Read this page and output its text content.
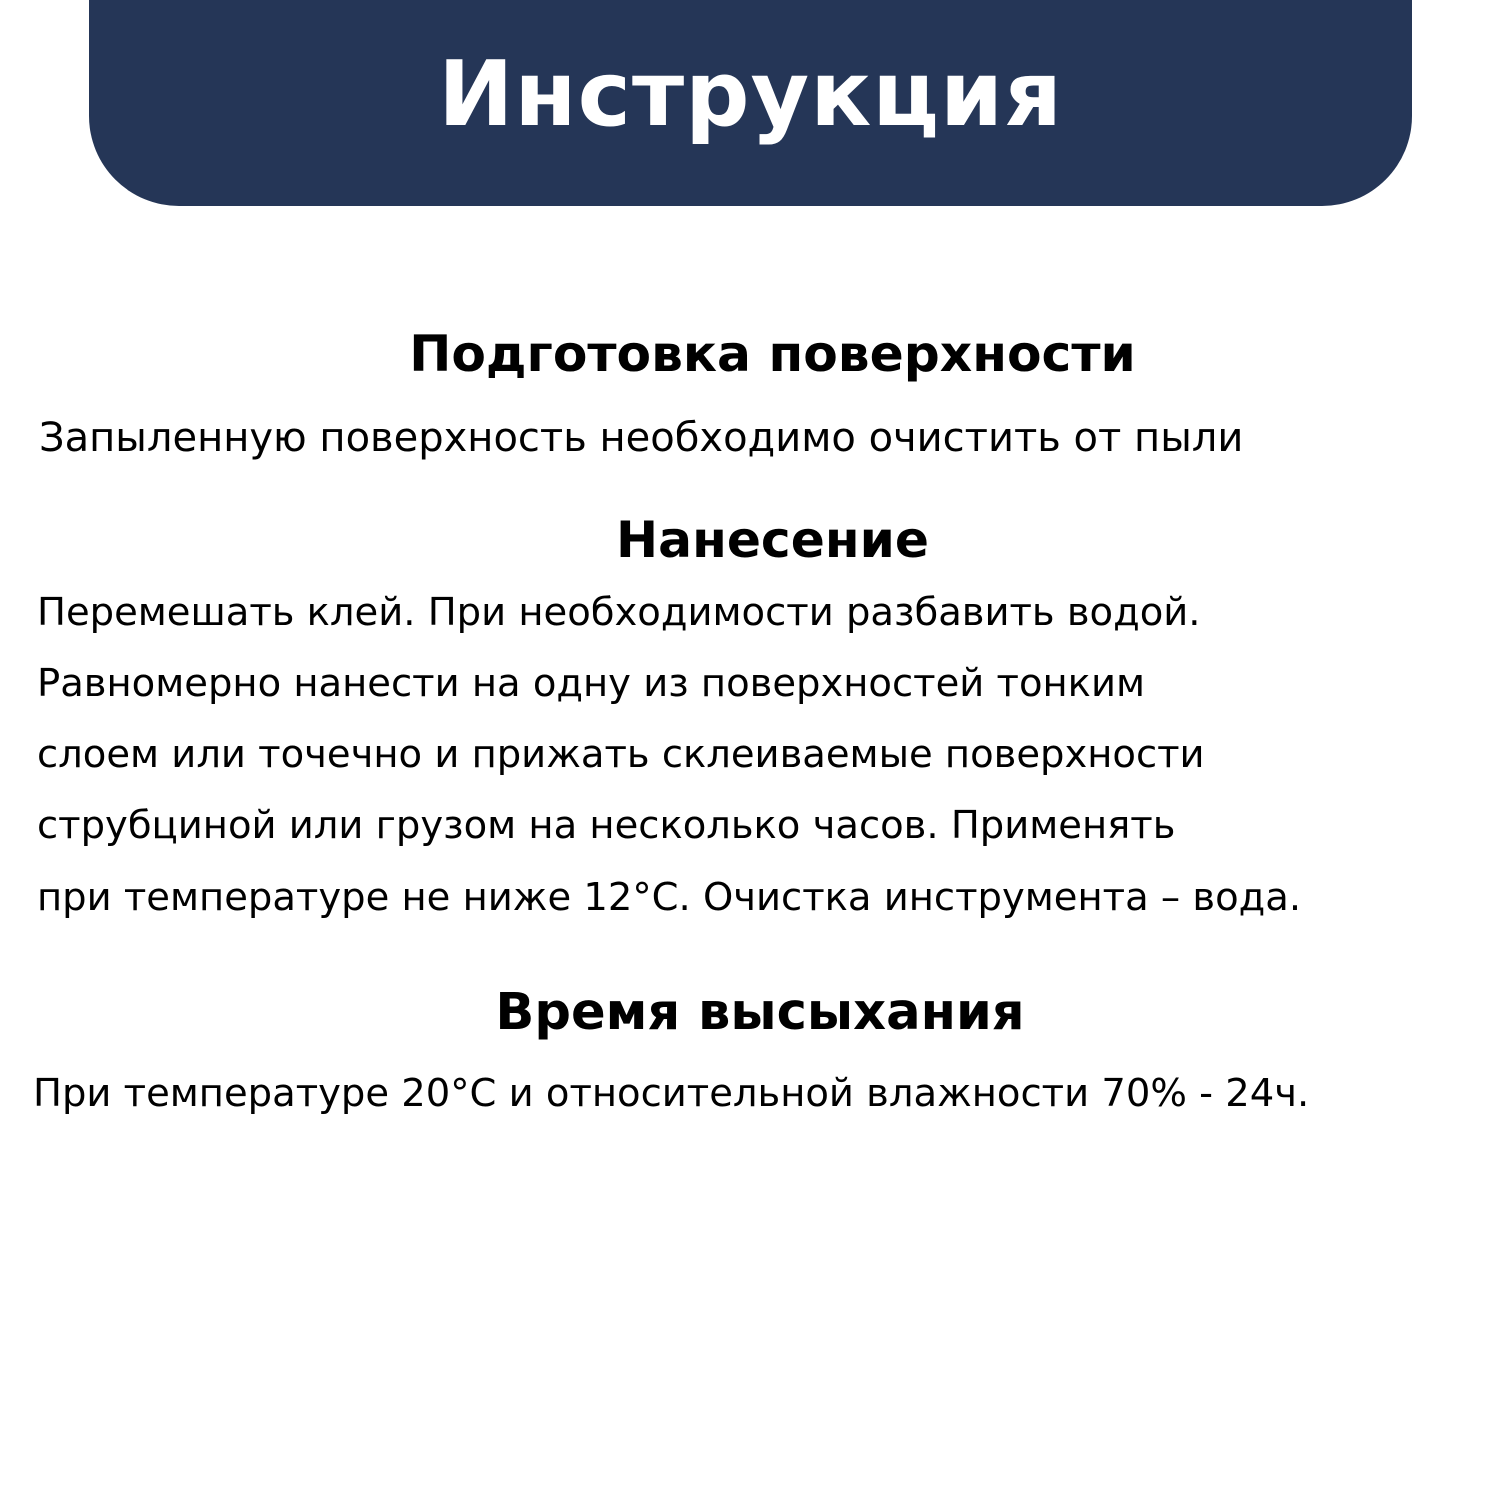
Инструкция
Подготовка поверхности

Запыленную поверхность необходимо очистить от пыли

Нанесение

Перемешать клей. При необходимости разбавить водой.

Равномерно нанести на одну из поверхностей тонким

слоем или точечно и прижать склеиваемые поверхности

струбциной или грузом на несколько часов. Применять

при температуре не ниже 12°С. Очистка инструмента – вода.

Время высыхания

При температуре 20°С и относительной влажности 70% - 24ч.
